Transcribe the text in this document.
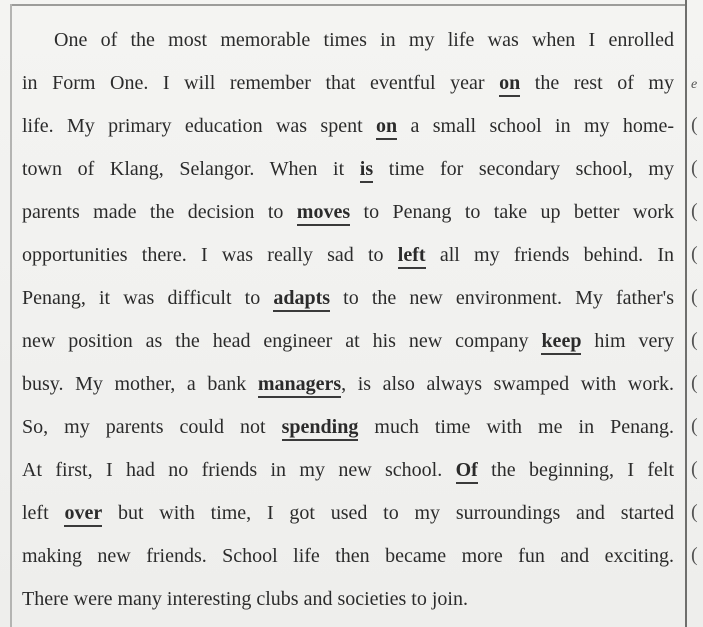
One of the most memorable times in my life was when I enrolled
in Form One. I will remember that eventful year on the rest of my
life. My primary education was spent on a small school in my home-
town of Klang, Selangor. When it is time for secondary school, my
parents made the decision to moves to Penang to take up better work
opportunities there. I was really sad to left all my friends behind. In
Penang, it was difficult to adapts to the new environment. My father's
new position as the head engineer at his new company keep him very
busy. My mother, a bank managers, is also always swamped with work.
So, my parents could not spending much time with me in Penang.
At first, I had no friends in my new school. Of the beginning, I felt
left over but with time, I got used to my surroundings and started
making new friends. School life then became more fun and exciting.
There were many interesting clubs and societies to join.
e
(
(
(
(
(
(
(
(
(
(
(
